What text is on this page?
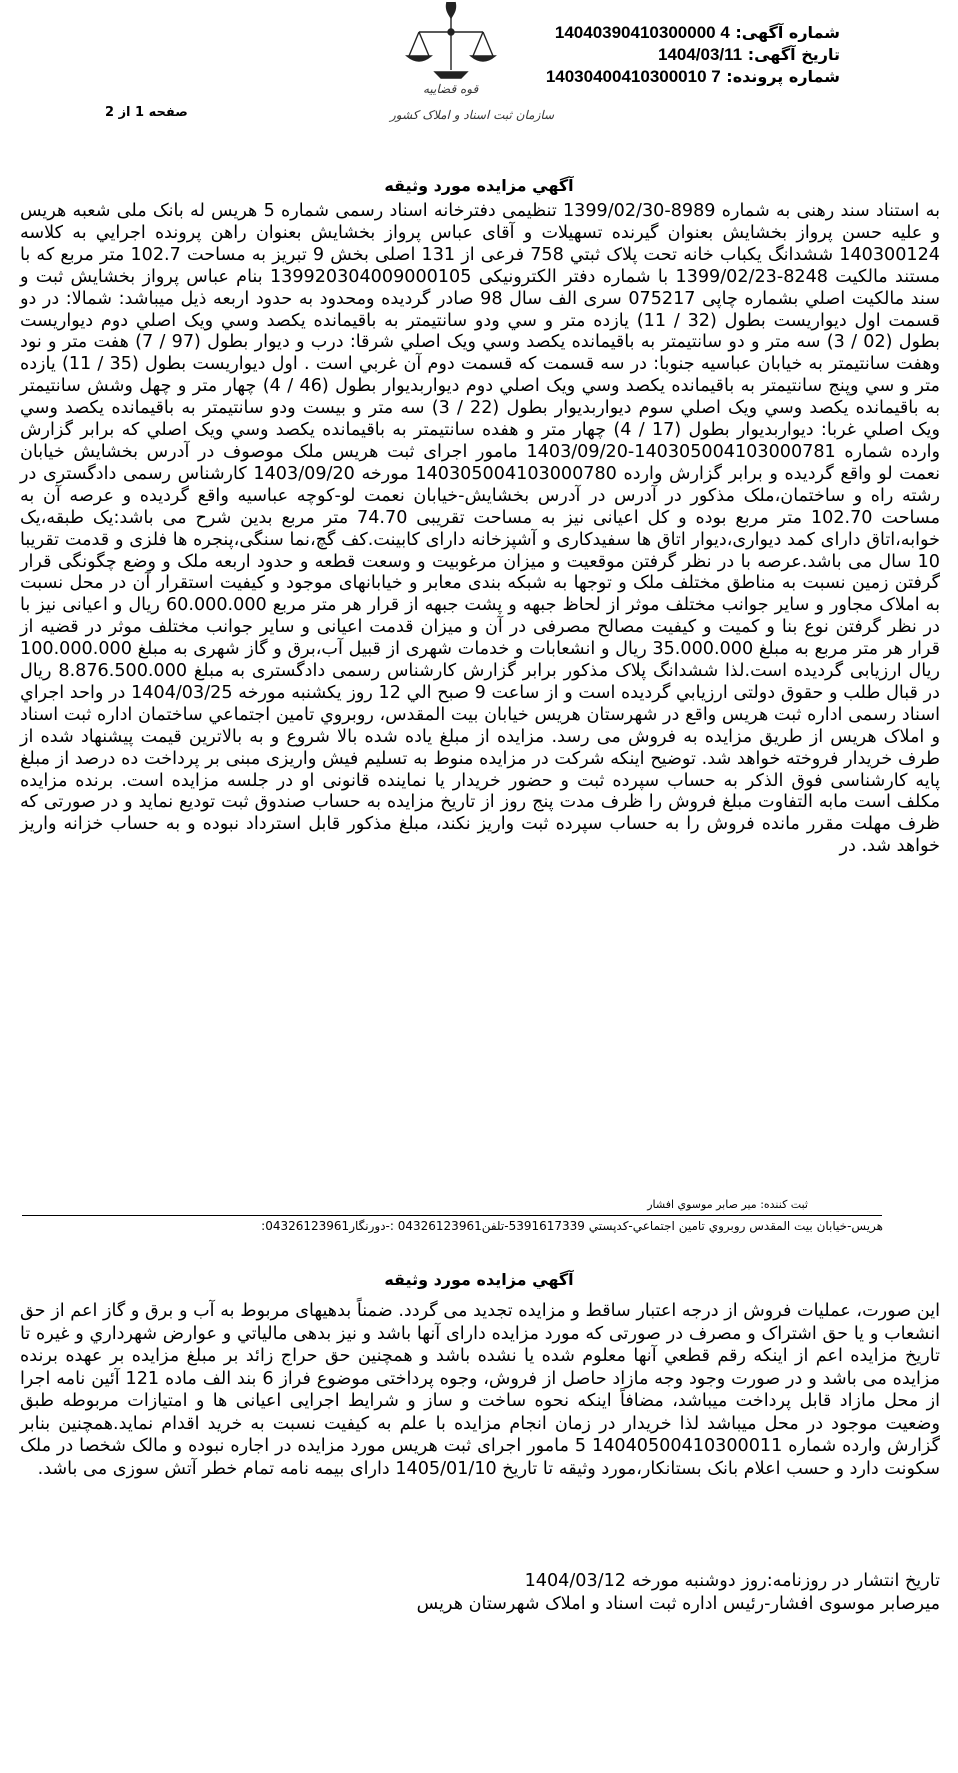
شماره آگهی: 14040390410300000 4
تاریخ آگهی: 1404/03/11
شماره پرونده: 14030400410300010 7
قوه قضاییه
سازمان ثبت اسناد و املاک کشور
صفحه 1 از 2
آگهي مزايده مورد وثيقه
به استناد سند رهنی به شماره 8989-1399/02/30 تنظیمی دفترخانه اسناد رسمی شماره 5 هریس له بانک ملی شعبه هریس و علیه حسن پرواز بخشایش بعنوان گیرنده تسهیلات و آقای عباس پرواز بخشایش بعنوان راهن پرونده اجرایي به کلاسه 140300124 ششدانگ یکباب خانه تحت پلاک ثبتي 758 فرعی از 131 اصلی بخش 9 تبریز به مساحت 102.7 متر مربع که با مستند مالکیت 8248-1399/02/23 با شماره دفتر الکترونیکی 139920304009000105 بنام عباس پرواز بخشایش ثبت و سند مالکیت اصلي بشماره چاپی 075217 سری الف سال 98 صادر گردیده ومحدود به حدود اربعه ذیل میباشد: شمالا: در دو قسمت اول دیواریست بطول (32 / 11) یازده متر و سي ودو سانتيمتر به باقیمانده یکصد وسي ویک اصلي دوم دیواریست بطول (02 / 3) سه متر و دو سانتیمتر به باقیمانده یکصد وسي ویک اصلي شرقا: درب و دیوار بطول (97 / 7) هفت متر و نود وهفت سانتیمتر به خیابان عباسیه جنوبا: در سه قسمت که قسمت دوم آن غربي است . اول دیواریست بطول (35 / 11) یازده متر و سي وپنج سانتیمتر به باقیمانده یکصد وسي ویک اصلي دوم دیواربدیوار بطول (46 / 4) چهار متر و چهل وشش سانتیمتر به باقیمانده یکصد وسي ویک اصلي سوم دیواربدیوار بطول (22 / 3) سه متر و بیست ودو سانتیمتر به باقیمانده یکصد وسي ویک اصلي غربا: دیواربدیوار بطول (17 / 4) چهار متر و هفده سانتیمتر به باقیمانده یکصد وسي ویک اصلي که برابر گزارش وارده شماره 140305004103000781-1403/09/20 مامور اجرای ثبت هریس ملک موصوف در آدرس بخشایش خیابان نعمت لو واقع گردیده و برابر گزارش وارده 140305004103000780 مورخه 1403/09/20 کارشناس رسمی دادگستری در رشته راه و ساختمان،ملک مذکور در آدرس در آدرس بخشایش-خیابان نعمت لو-کوچه عباسیه واقع گردیده و عرصه آن به مساحت 102.70 متر مربع بوده و کل اعیانی نیز به مساحت تقریبی 74.70 متر مربع بدین شرح می باشد:یک طبقه،یک خوابه،اتاق دارای کمد دیواری،دیوار اتاق ها سفیدکاری و آشپزخانه دارای کابینت.کف گچ،نما سنگی،پنجره ها فلزی و قدمت تقریبا 10 سال می باشد.عرصه با در نظر گرفتن موقعیت و میزان مرغوبیت و وسعت قطعه و حدود اربعه ملک و وضع چگونگی قرار گرفتن زمین نسبت به مناطق مختلف ملک و توجها به شبکه بندی معابر و خیابانهای موجود و کیفیت استقرار آن در محل نسبت به املاک مجاور و سایر جوانب مختلف موثر از لحاظ جبهه و پشت جبهه از قرار هر متر مربع 60.000.000 ریال و اعیانی نیز با در نظر گرفتن نوع بنا و کمیت و کیفیت مصالح مصرفی در آن و میزان قدمت اعیانی و سایر جوانب مختلف موثر در قضیه از قرار هر متر مربع به مبلغ 35.000.000 ریال و انشعابات و خدمات شهری از قبیل آب،برق و گاز شهری به مبلغ 100.000.000 ریال ارزیابی گردیده است.لذا ششدانگ پلاک مذکور برابر گزارش کارشناس رسمی دادگستری به مبلغ 8.876.500.000 ریال در قبال طلب و حقوق دولتی ارزیابي گردیده است و از ساعت 9 صبح الي 12 روز یکشنبه مورخه 1404/03/25 در واحد اجراي اسناد رسمی اداره ثبت هریس واقع در شهرستان هریس خیابان بیت المقدس، روبروي تامین اجتماعي ساختمان اداره ثبت اسناد و املاک هریس از طریق مزایده به فروش می رسد. مزایده از مبلغ یاده شده بالا شروع و به بالاترین قیمت پیشنهاد شده از طرف خریدار فروخته خواهد شد. توضیح اینکه شرکت در مزایده منوط به تسلیم فیش واریزی مبنی بر پرداخت ده درصد از مبلغ پایه کارشناسی فوق الذکر به حساب سپرده ثبت و حضور خریدار یا نماینده قانونی او در جلسه مزایده است. برنده مزایده مکلف است مابه التفاوت مبلغ فروش را ظرف مدت پنج روز از تاریخ مزایده به حساب صندوق ثبت تودیع نماید و در صورتی که ظرف مهلت مقرر مانده فروش را به حساب سپرده ثبت واریز نکند، مبلغ مذکور قابل استرداد نبوده و به حساب خزانه واریز خواهد شد. در
ثبت کننده: میر صابر موسوي افشار
هریس-خیابان بیت المقدس روبروي تامین اجتماعي-کدپستي 5391617339-تلفن04326123961 :-دورنگار04326123961:
آگهي مزايده مورد وثيقه
این صورت، عملیات فروش از درجه اعتبار ساقط و مزایده تجدید می گردد. ضمناً بدهیهای مربوط به آب و برق و گاز اعم از حق انشعاب و یا حق اشتراک و مصرف در صورتی که مورد مزایده دارای آنها باشد و نیز بدهی مالیاتي و عوارض شهرداري و غیره تا تاریخ مزایده اعم از اینکه رقم قطعي آنها معلوم شده یا نشده باشد و همچنین حق حراج زائد بر مبلغ مزایده بر عهده برنده مزایده می باشد و در صورت وجود وجه مازاد حاصل از فروش، وجوه پرداختی موضوع فراز 6 بند الف ماده 121 آئین نامه اجرا از محل مازاد قابل پرداخت میباشد، مضافاً اینکه نحوه ساخت و ساز و شرایط اجرایی اعیانی ها و امتیازات مربوطه طبق وضعیت موجود در محل میباشد لذا خریدار در زمان انجام مزایده با علم به کیفیت نسبت به خرید اقدام نماید.همچنین بنابر گزارش وارده شماره 14040500410300011 5 مامور اجرای ثبت هریس مورد مزایده در اجاره نبوده و مالک شخصا در ملک سکونت دارد و حسب اعلام بانک بستانکار،مورد وثیقه تا تاریخ 1405/01/10 دارای بیمه نامه تمام خطر آتش سوزی می باشد.
تاریخ انتشار در روزنامه:روز دوشنبه مورخه 1404/03/12
میرصابر موسوی افشار-رئیس اداره ثبت اسناد و املاک شهرستان هریس
